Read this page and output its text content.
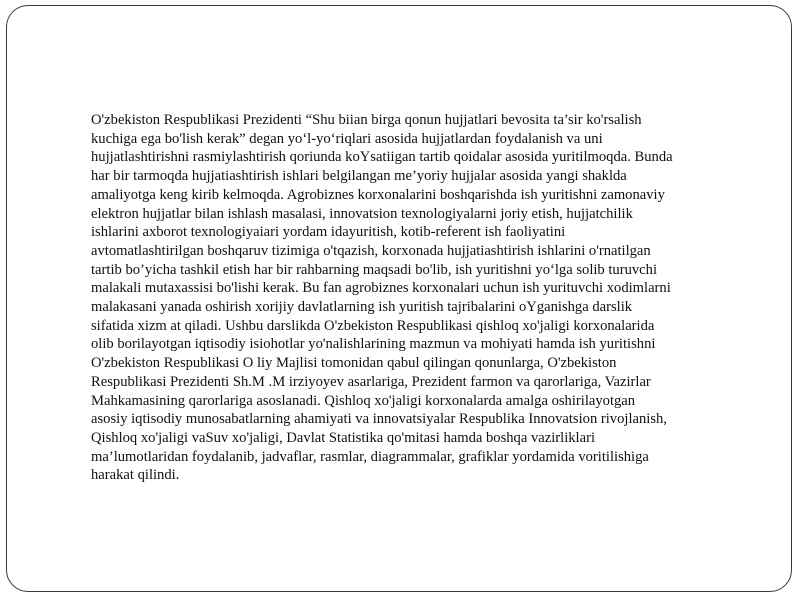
O'zbekiston Respublikasi Prezidenti “Shu biian birga qonun hujjatlari bevosita ta’sir ko'rsalish
kuchiga ega bo'lish kerak” degan yo‘l-yo‘riqlari asosida hujjatlardan foydalanish va uni
hujjatlashtirishni rasmiylashtirish qoriunda koYsatiigan tartib qoidalar asosida yuritilmoqda. Bunda
har bir tarmoqda hujjatiashtirish ishlari belgilangan me’yoriy hujjalar asosida yangi shaklda
amaliyotga keng kirib kelmoqda. Agrobiznes korxonalarini boshqarishda ish yuritishni zamonaviy
elektron hujjatlar bilan ishlash masalasi, innovatsion texnologiyalarni joriy etish, hujjatchilik
ishlarini axborot texnologiyaiari yordam idayuritish, kotib-referent ish faoliyatini
avtomatlashtirilgan boshqaruv tizimiga o'tqazish, korxonada hujjatiashtirish ishlarini o'rnatilgan
tartib bo’yicha tashkil etish har bir rahbarning maqsadi bo'lib, ish yuritishni yo‘lga solib turuvchi
malakali mutaxassisi bo'lishi kerak. Bu fan agrobiznes korxonalari uchun ish yurituvchi xodimlarni
malakasani yanada oshirish xorijiy davlatlarning ish yuritish tajribalarini oYganishga darslik
sifatida xizm at qiladi. Ushbu darslikda O'zbekiston Respublikasi qishloq xo'jaligi korxonalarida
olib borilayotgan iqtisodiy isiohotlar yo'nalishlarining mazmun va mohiyati hamda ish yuritishni
O'zbekiston Respublikasi O liy Majlisi tomonidan qabul qilingan qonunlarga, O'zbekiston
Respublikasi Prezidenti Sh.M .M irziyoyev asarlariga, Prezident farmon va qarorlariga, Vazirlar
Mahkamasining qarorlariga asoslanadi. Qishloq xo'jaligi korxonalarda amalga oshirilayotgan
asosiy iqtisodiy munosabatlarning ahamiyati va innovatsiyalar Respublika Innovatsion rivojlanish,
Qishloq xo'jaligi vaSuv xo'jaligi, Davlat Statistika qo'mitasi hamda boshqa vazirliklari
ma’lumotlaridan foydalanib, jadvaflar, rasmlar, diagrammalar, grafiklar yordamida voritilishiga
harakat qilindi.
